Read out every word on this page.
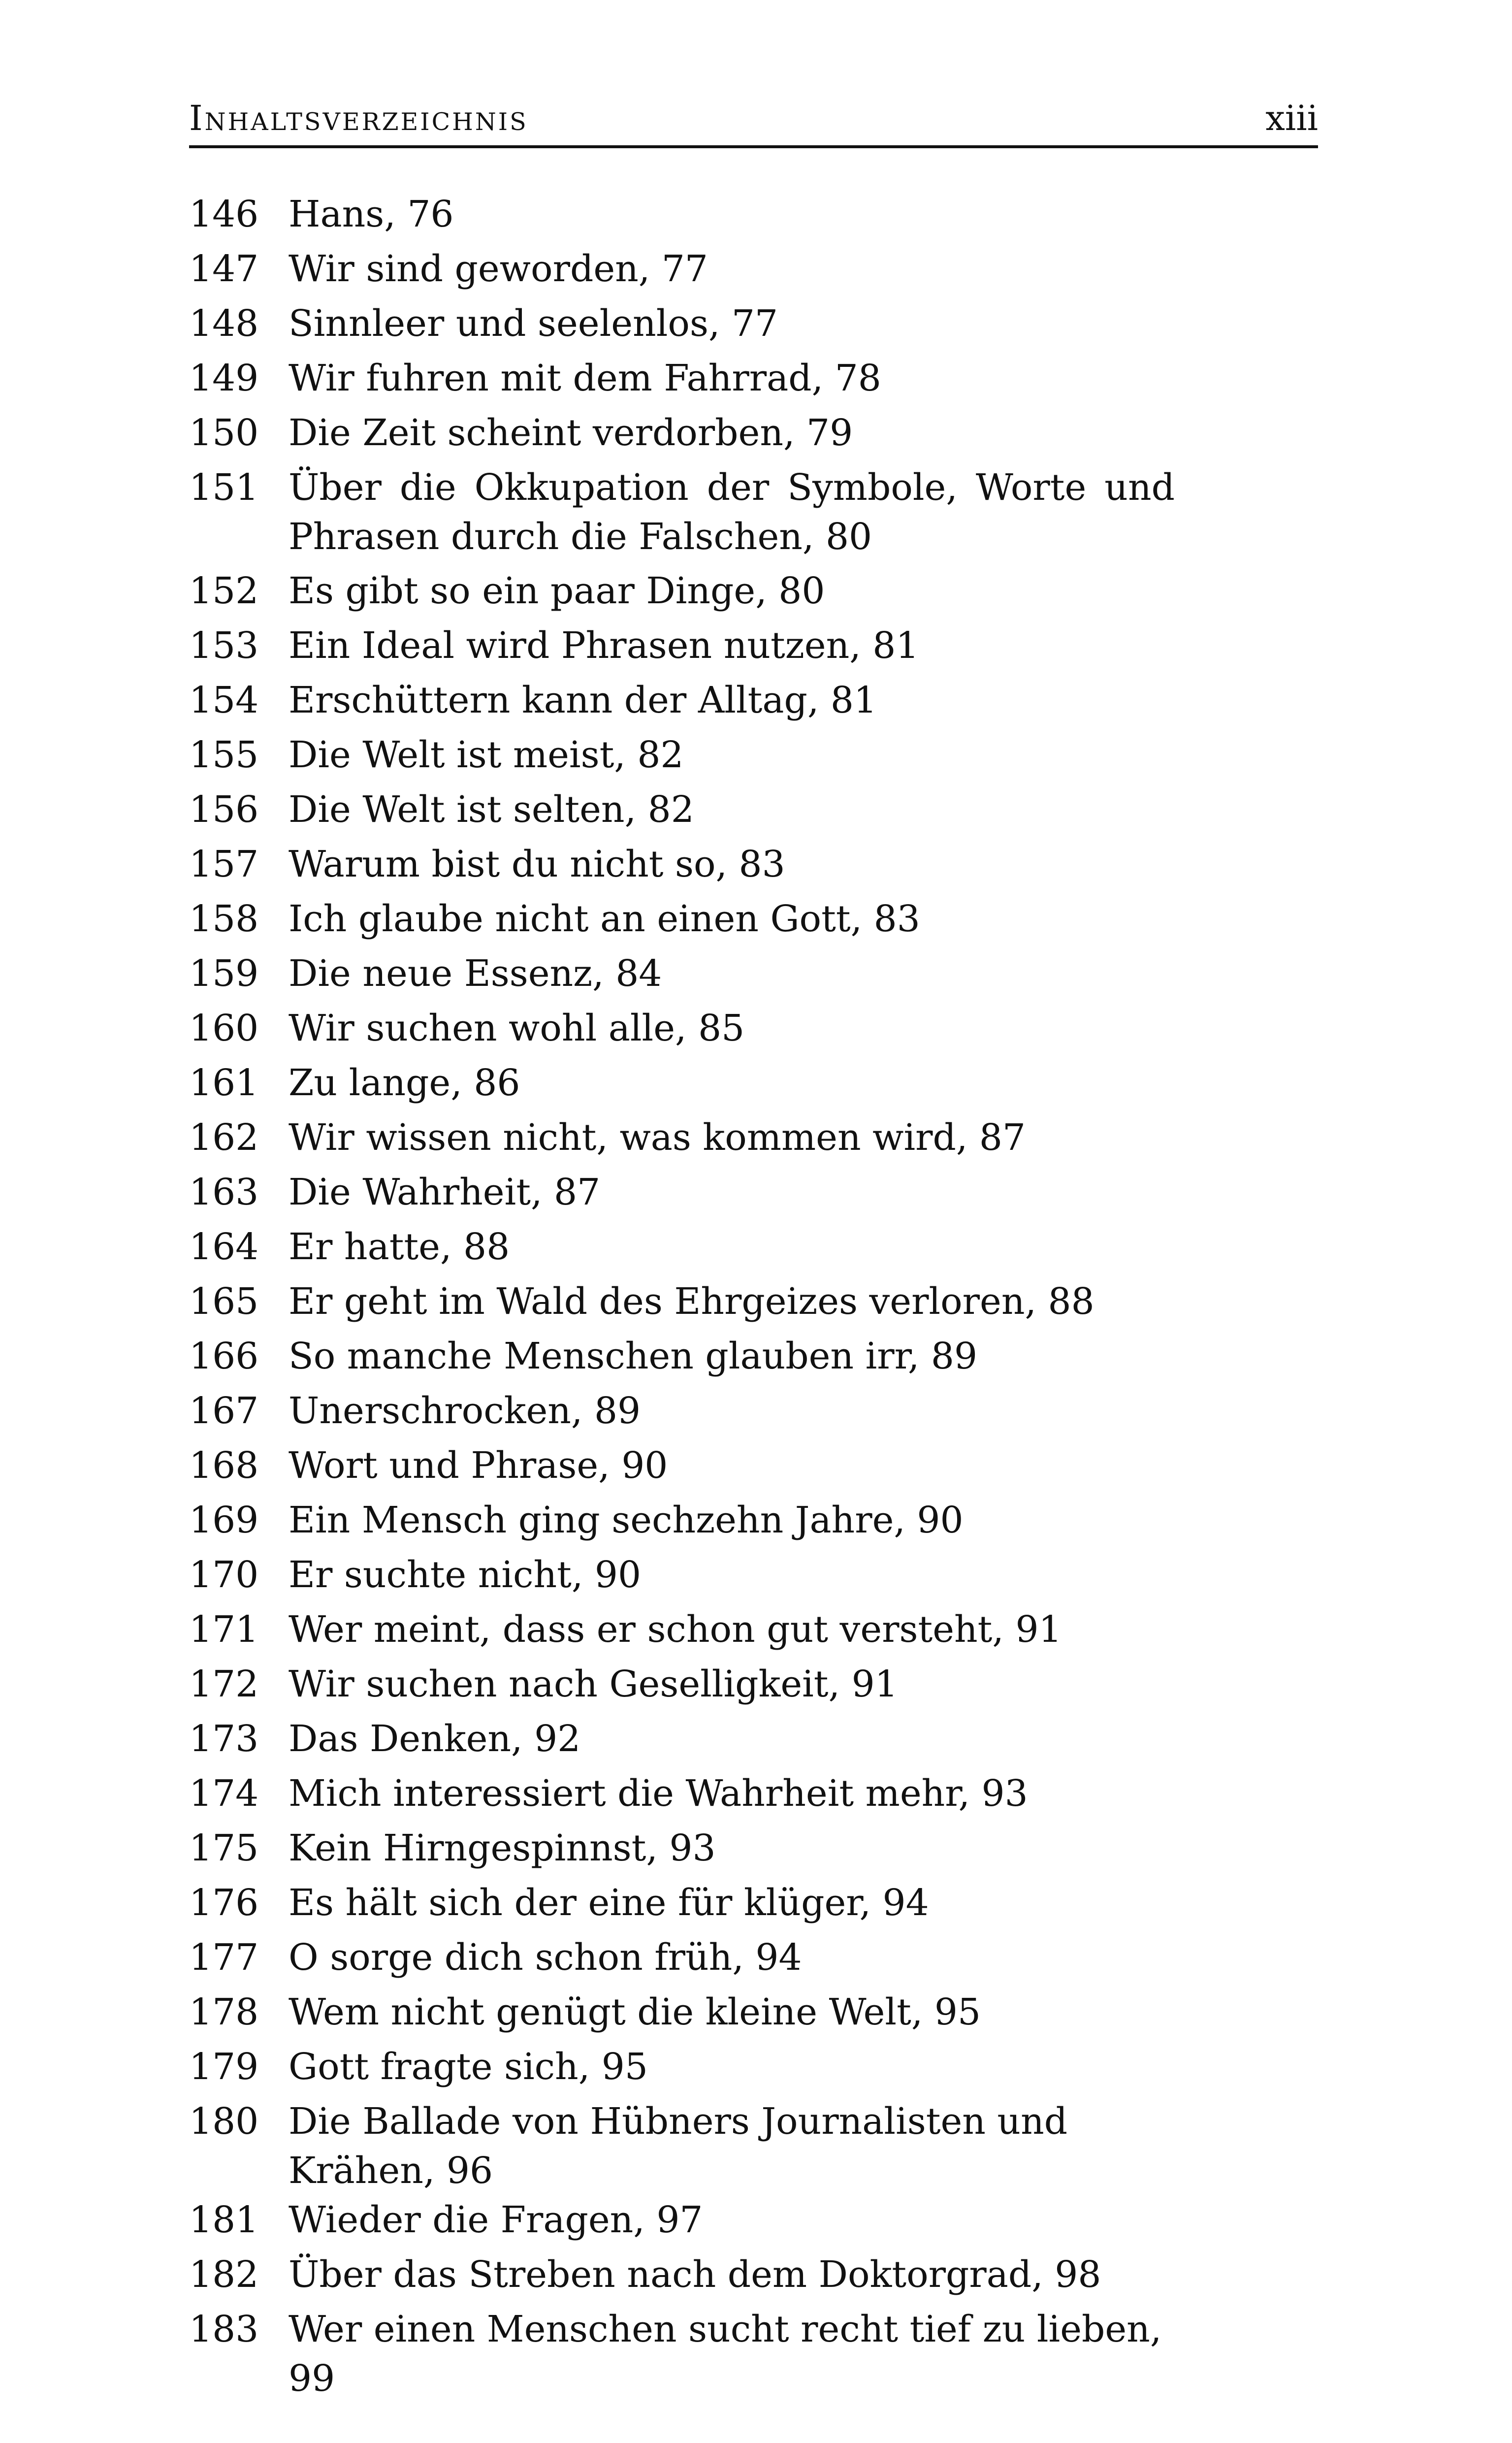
Inhaltsverzeichnis	xiii
146 Hans, 76
147 Wir sind geworden, 77
148 Sinnleer und seelenlos, 77
149 Wir fuhren mit dem Fahrrad, 78
150 Die Zeit scheint verdorben, 79
151 Über die Okkupation der Symbole, Worte und Phrasen durch die Falschen, 80
152 Es gibt so ein paar Dinge, 80
153 Ein Ideal wird Phrasen nutzen, 81
154 Erschüttern kann der Alltag, 81
155 Die Welt ist meist, 82
156 Die Welt ist selten, 82
157 Warum bist du nicht so, 83
158 Ich glaube nicht an einen Gott, 83
159 Die neue Essenz, 84
160 Wir suchen wohl alle, 85
161 Zu lange, 86
162 Wir wissen nicht, was kommen wird, 87
163 Die Wahrheit, 87
164 Er hatte, 88
165 Er geht im Wald des Ehrgeizes verloren, 88
166 So manche Menschen glauben irr, 89
167 Unerschrocken, 89
168 Wort und Phrase, 90
169 Ein Mensch ging sechzehn Jahre, 90
170 Er suchte nicht, 90
171 Wer meint, dass er schon gut versteht, 91
172 Wir suchen nach Geselligkeit, 91
173 Das Denken, 92
174 Mich interessiert die Wahrheit mehr, 93
175 Kein Hirngespinnst, 93
176 Es hält sich der eine für klüger, 94
177 O sorge dich schon früh, 94
178 Wem nicht genügt die kleine Welt, 95
179 Gott fragte sich, 95
180 Die Ballade von Hübners Journalisten und Krähen, 96
181 Wieder die Fragen, 97
182 Über das Streben nach dem Doktorgrad, 98
183 Wer einen Menschen sucht recht tief zu lieben, 99
